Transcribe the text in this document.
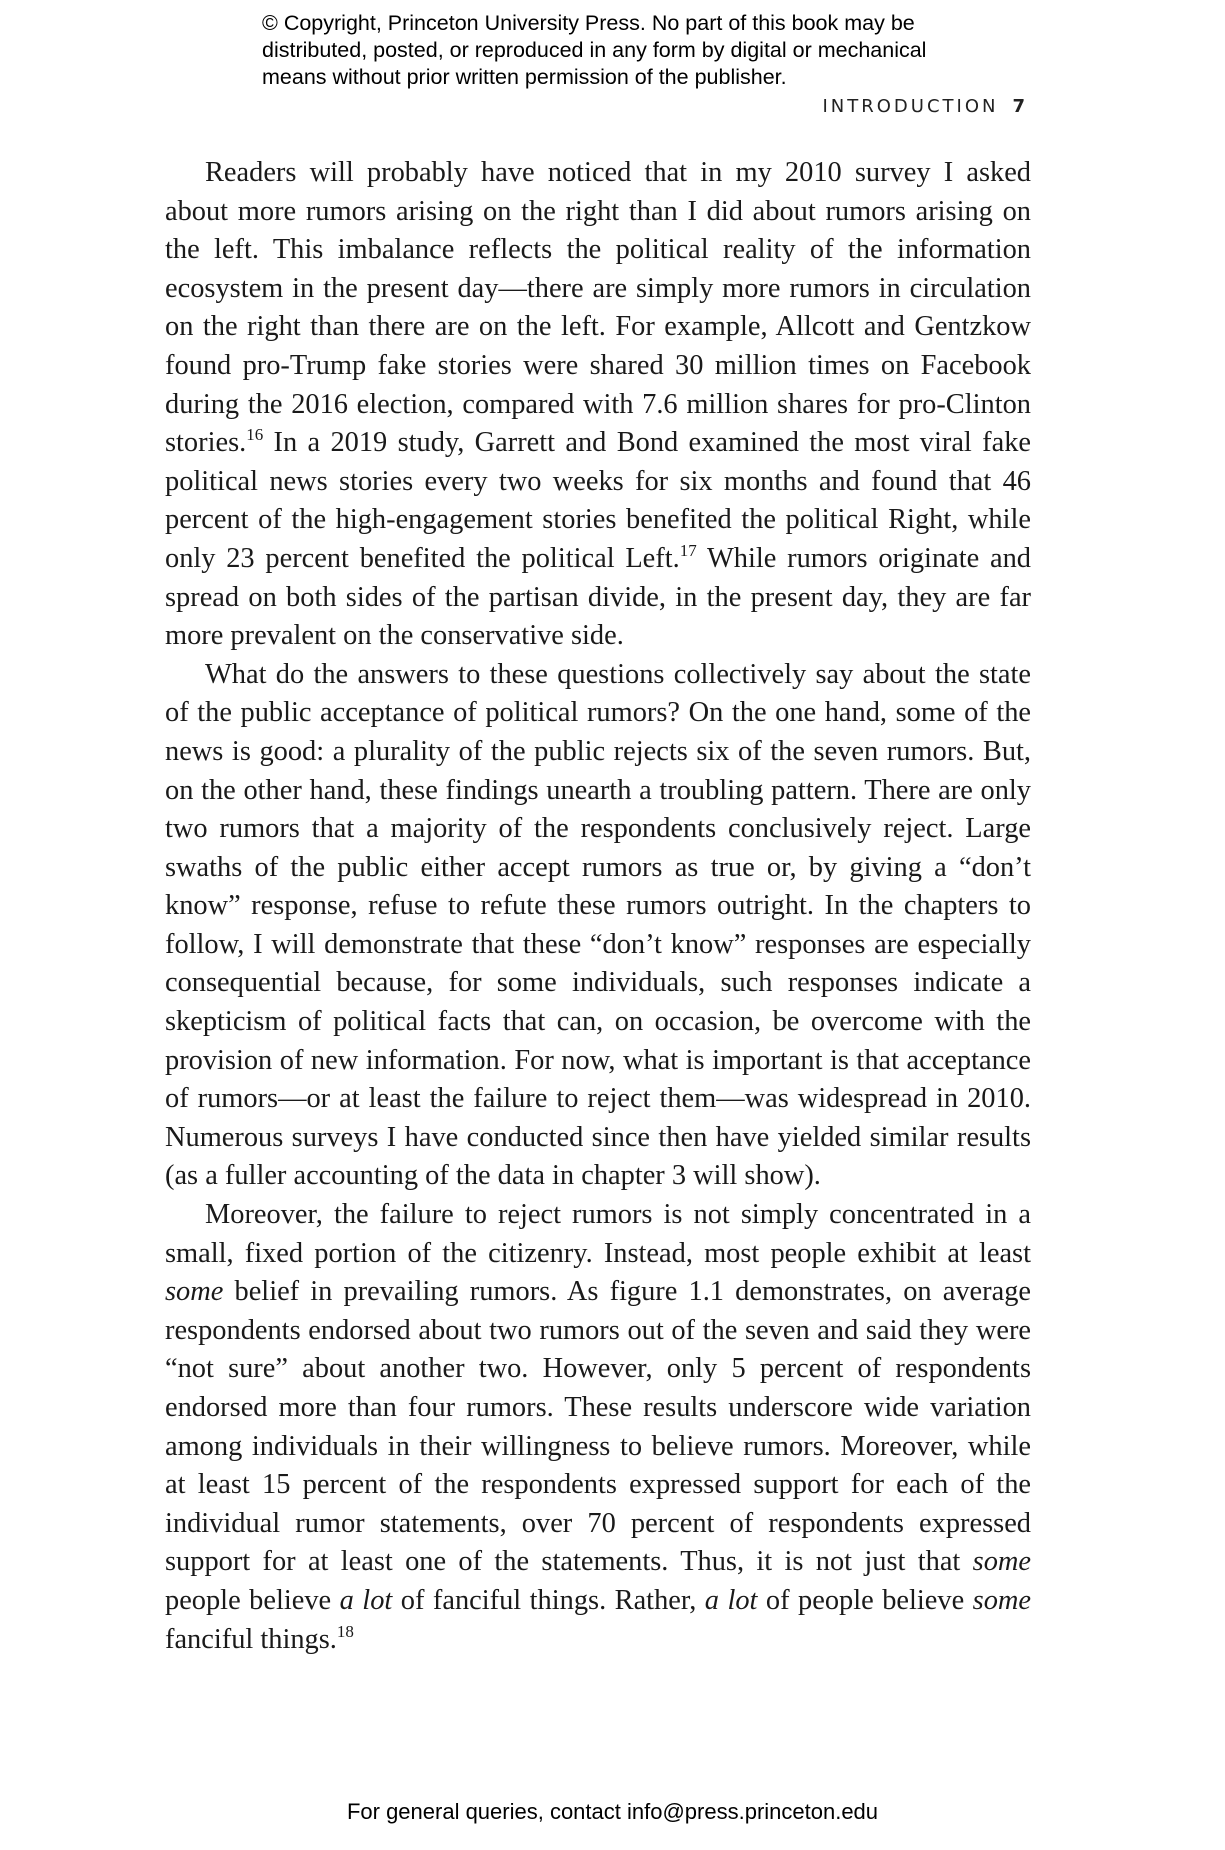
© Copyright, Princeton University Press. No part of this book may be
distributed, posted, or reproduced in any form by digital or mechanical
means without prior written permission of the publisher.
INTRODUCTION 7

Readers will probably have noticed that in my 2010 survey I asked about more rumors arising on the right than I did about rumors arising on the left. This imbalance reflects the political reality of the information ecosystem in the present day—there are simply more rumors in circulation on the right than there are on the left. For example, Allcott and Gentzkow found pro-Trump fake stories were shared 30 million times on Facebook during the 2016 election, compared with 7.6 million shares for pro-Clinton stories.$^{16}$ In a 2019 study, Garrett and Bond examined the most viral fake political news stories every two weeks for six months and found that 46 percent of the high-engagement stories benefited the political Right, while only 23 percent benefited the political Left.$^{17}$ While rumors originate and spread on both sides of the partisan divide, in the present day, they are far more prevalent on the conservative side.

What do the answers to these questions collectively say about the state of the public acceptance of political rumors? On the one hand, some of the news is good: a plurality of the public rejects six of the seven rumors. But, on the other hand, these findings unearth a troubling pattern. There are only two rumors that a majority of the respondents conclusively reject. Large swaths of the public either accept rumors as true or, by giving a “don’t know” response, refuse to refute these rumors outright. In the chapters to follow, I will demonstrate that these “don’t know” responses are especially consequential because, for some individuals, such responses indicate a skepticism of political facts that can, on occasion, be overcome with the provision of new information. For now, what is important is that acceptance of rumors—or at least the failure to reject them—was widespread in 2010. Numerous surveys I have conducted since then have yielded similar results (as a fuller accounting of the data in chapter 3 will show).

Moreover, the failure to reject rumors is not simply concentrated in a small, fixed portion of the citizenry. Instead, most people exhibit at least some belief in prevailing rumors. As figure 1.1 demonstrates, on average respondents endorsed about two rumors out of the seven and said they were “not sure” about another two. However, only 5 percent of respondents endorsed more than four rumors. These results underscore wide variation among individuals in their willingness to believe rumors. Moreover, while at least 15 percent of the respondents expressed support for each of the individual rumor statements, over 70 percent of respondents expressed support for at least one of the statements. Thus, it is not just that some people believe a lot of fanciful things. Rather, a lot of people believe some fanciful things.$^{18}$

For general queries, contact info@press.princeton.edu
